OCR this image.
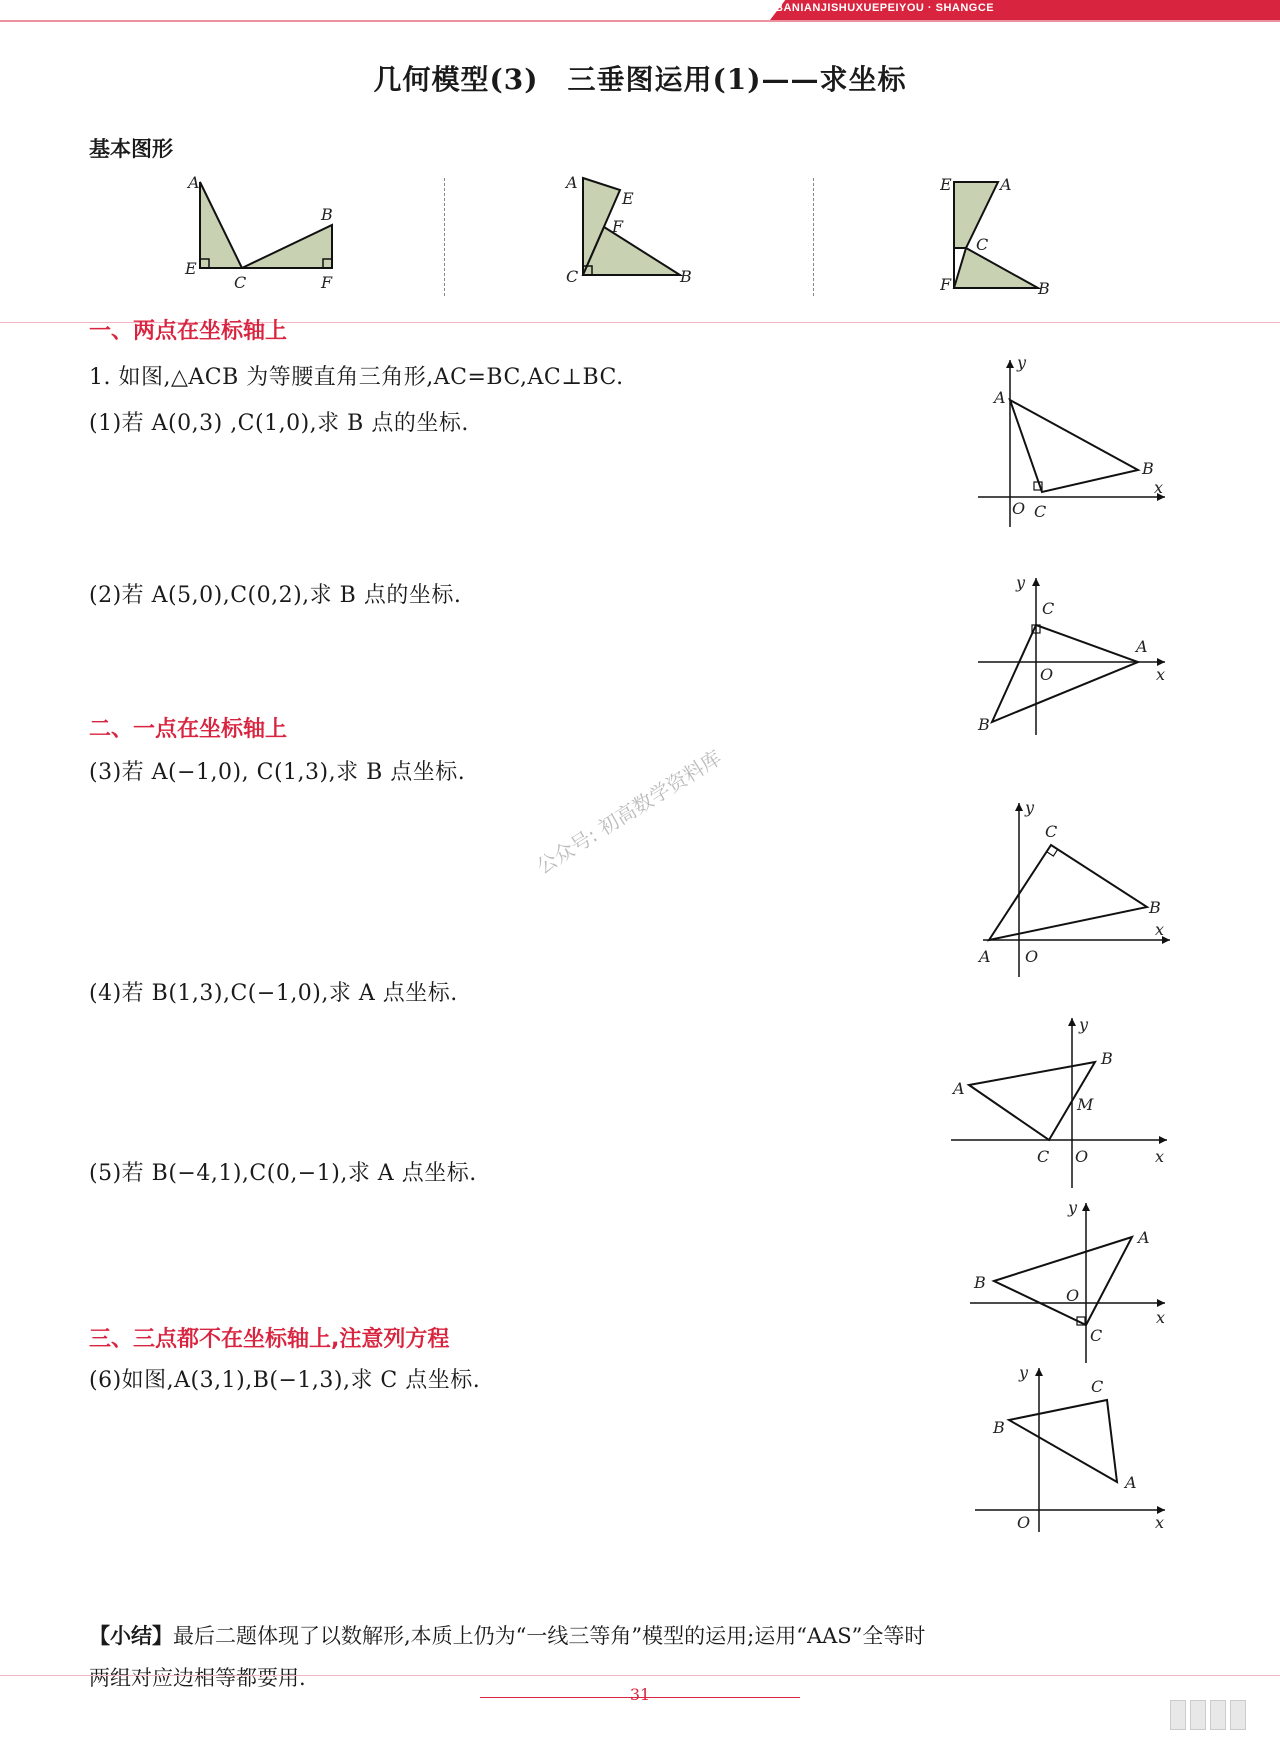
BANIANJISHUXUEPEIYOU · SHANGCE
几何模型(3)　三垂图运用(1)——求坐标
基本图形
A
E
C
B
F
A
E
F
C	B
E	A
C
F	B
一、两点在坐标轴上
1. 如图,△ACB 为等腰直角三角形,AC=BC,AC⊥BC.
(1)若 A(0,3) ,C(1,0),求 B 点的坐标.
A
B
C
O
x
y
(2)若 A(5,0),C(0,2),求 B 点的坐标.
C
A
B
O	x
y
二、一点在坐标轴上
(3)若 A(−1,0), C(1,3),求 B 点坐标.
C
B
A O
x
y
公众号: 初高数学资料库
(4)若 B(1,3),C(−1,0),求 A 点坐标.
A
B
M
C O	x
y
(5)若 B(−4,1),C(0,−1),求 A 点坐标.
B
A
O
C
x
y
三、三点都不在坐标轴上,注意列方程
(6)如图,A(3,1),B(−1,3),求 C 点坐标.	C
B
A
O	x
y
【小结】最后二题体现了以数解形,本质上仍为“一线三等角”模型的运用;运用“AAS”全等时
两组对应边相等都要用.
31
